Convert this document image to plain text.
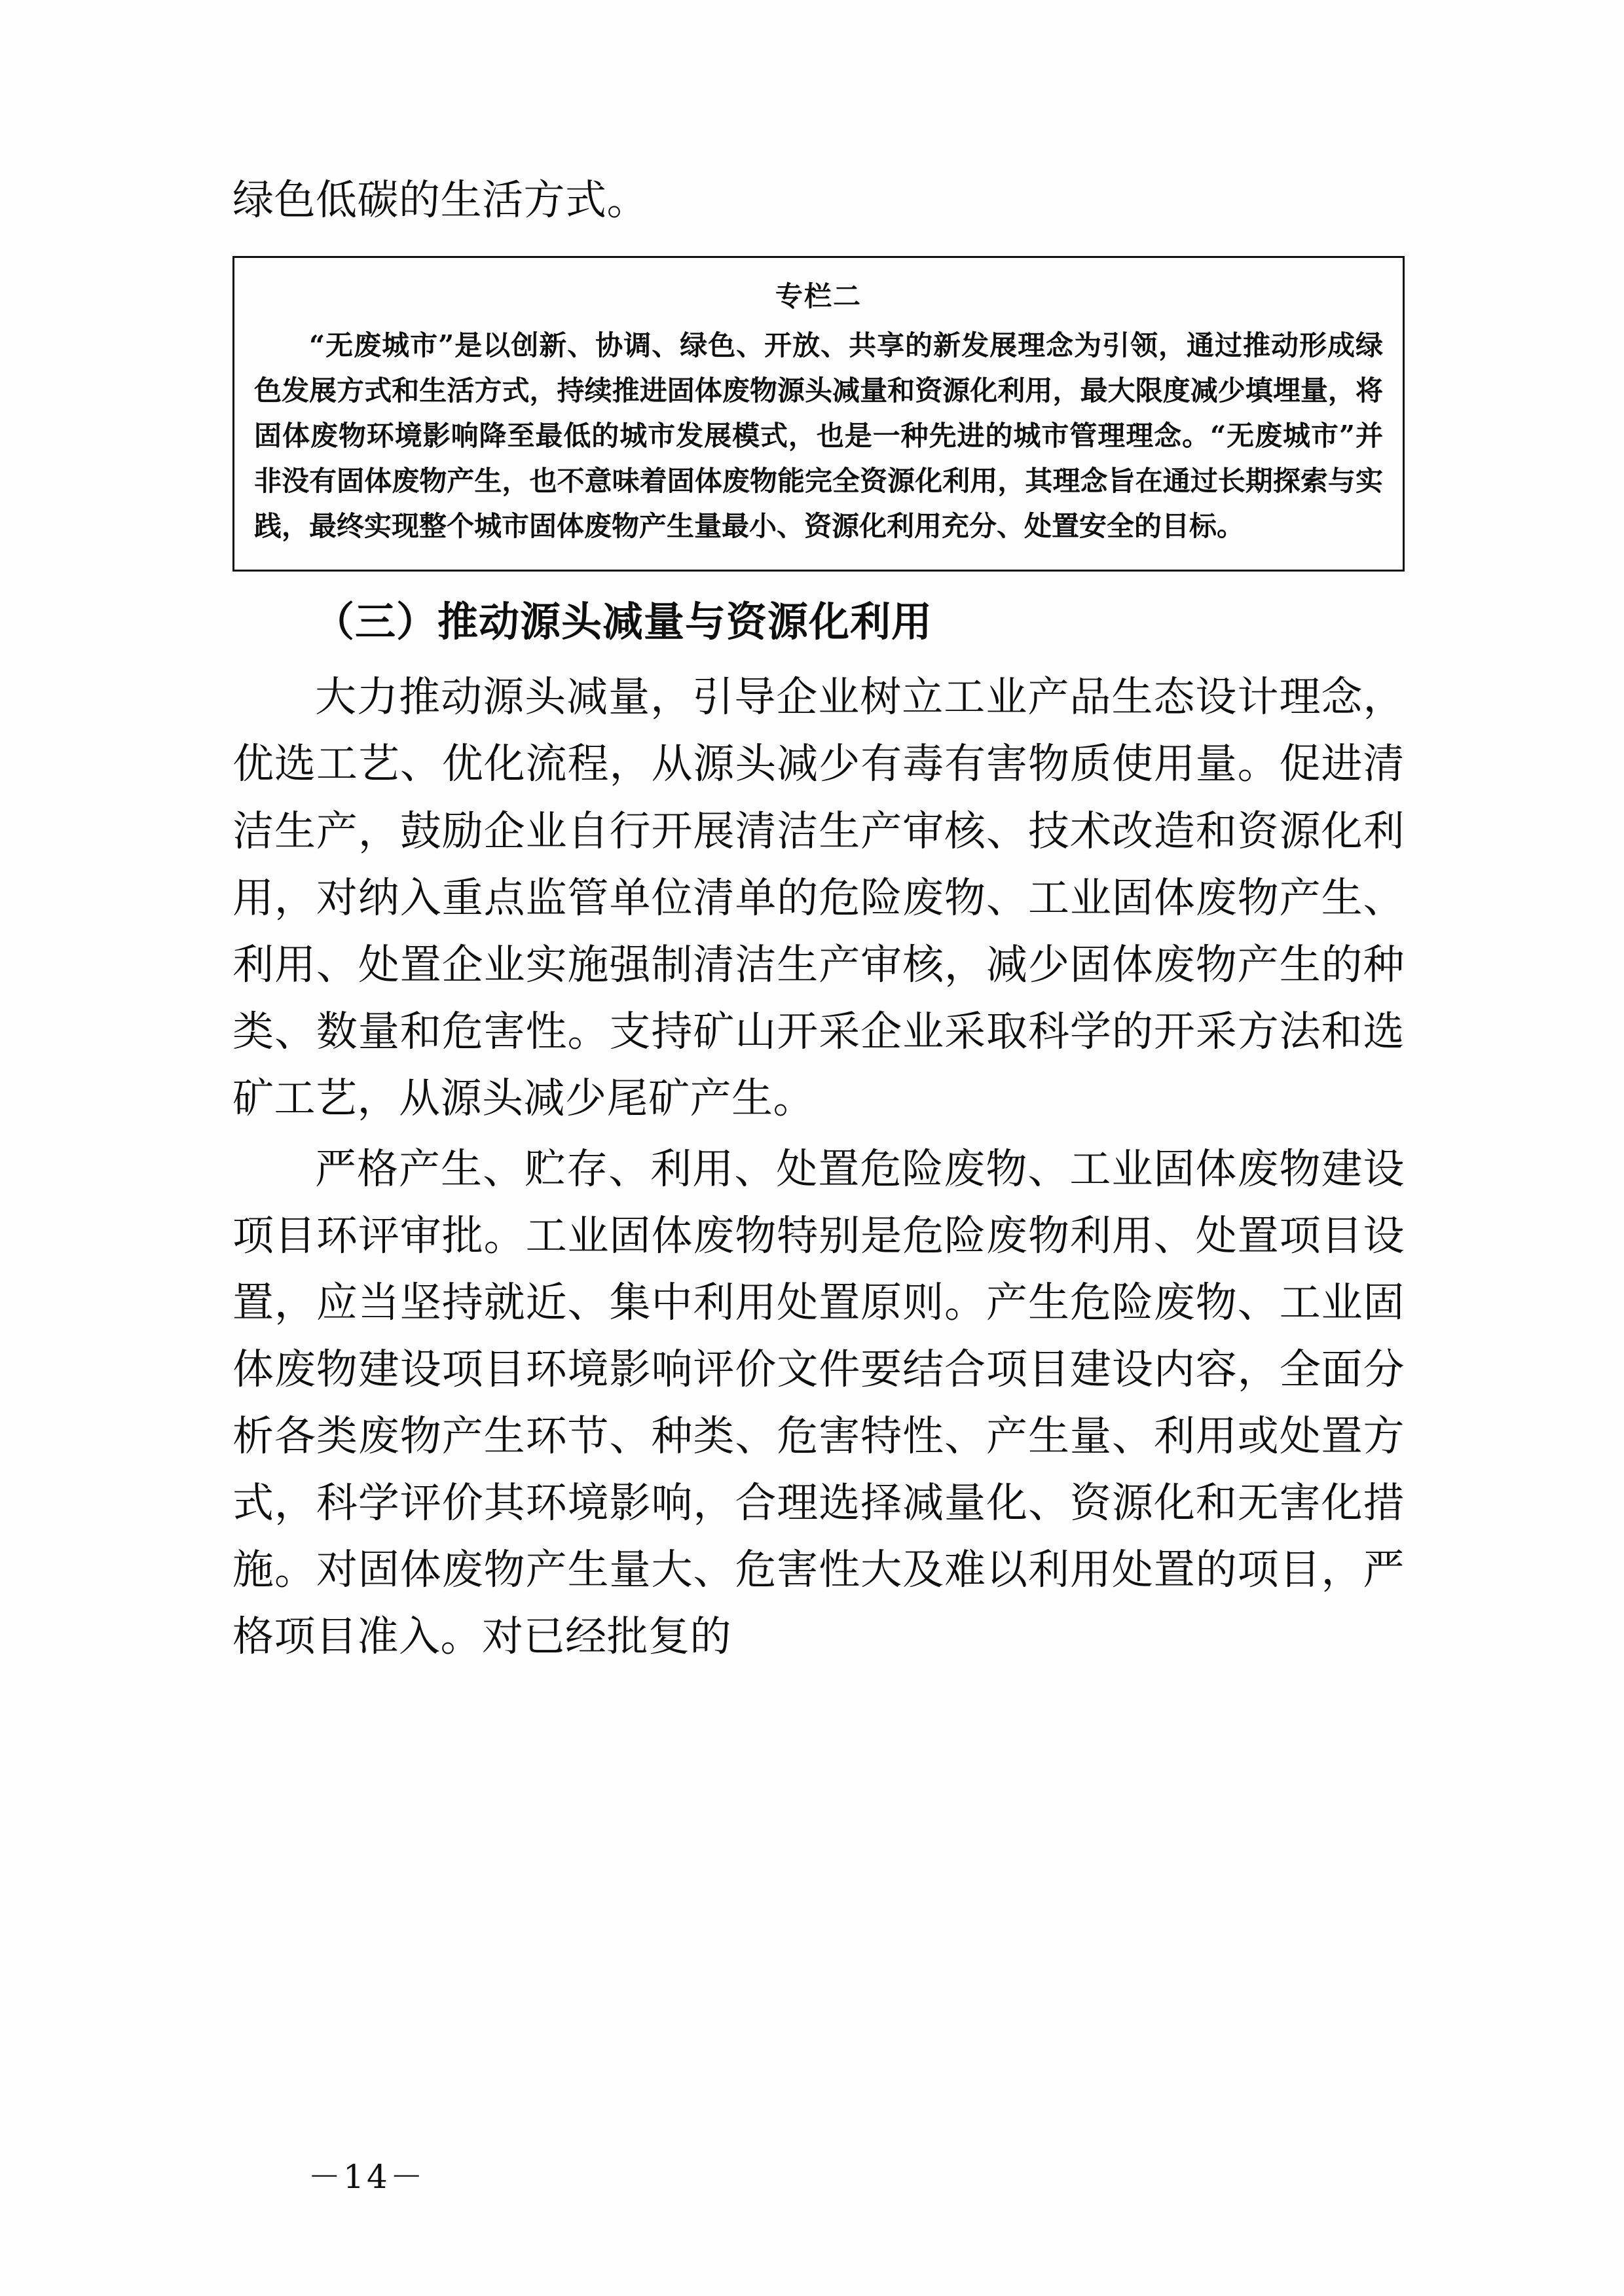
绿色低碳的生活方式。

专栏二
“无废城市”是以创新、协调、绿色、开放、共享的新发展理念为引领，通过推动形成绿色发展方式和生活方式，持续推进固体废物源头减量和资源化利用，最大限度减少填埋量，将固体废物环境影响降至最低的城市发展模式，也是一种先进的城市管理理念。“无废城市”并非没有固体废物产生，也不意味着固体废物能完全资源化利用，其理念旨在通过长期探索与实践，最终实现整个城市固体废物产生量最小、资源化利用充分、处置安全的目标。
（三）推动源头减量与资源化利用

大力推动源头减量，引导企业树立工业产品生态设计理念，优选工艺、优化流程，从源头减少有毒有害物质使用量。促进清洁生产，鼓励企业自行开展清洁生产审核、技术改造和资源化利用，对纳入重点监管单位清单的危险废物、工业固体废物产生、利用、处置企业实施强制清洁生产审核，减少固体废物产生的种类、数量和危害性。支持矿山开采企业采取科学的开采方法和选矿工艺，从源头减少尾矿产生。

严格产生、贮存、利用、处置危险废物、工业固体废物建设项目环评审批。工业固体废物特别是危险废物利用、处置项目设置，应当坚持就近、集中利用处置原则。产生危险废物、工业固体废物建设项目环境影响评价文件要结合项目建设内容，全面分析各类废物产生环节、种类、危害特性、产生量、利用或处置方式，科学评价其环境影响，合理选择减量化、资源化和无害化措施。对固体废物产生量大、危害性大及难以利用处置的项目，严格项目准入。对已经批复的

－14－
